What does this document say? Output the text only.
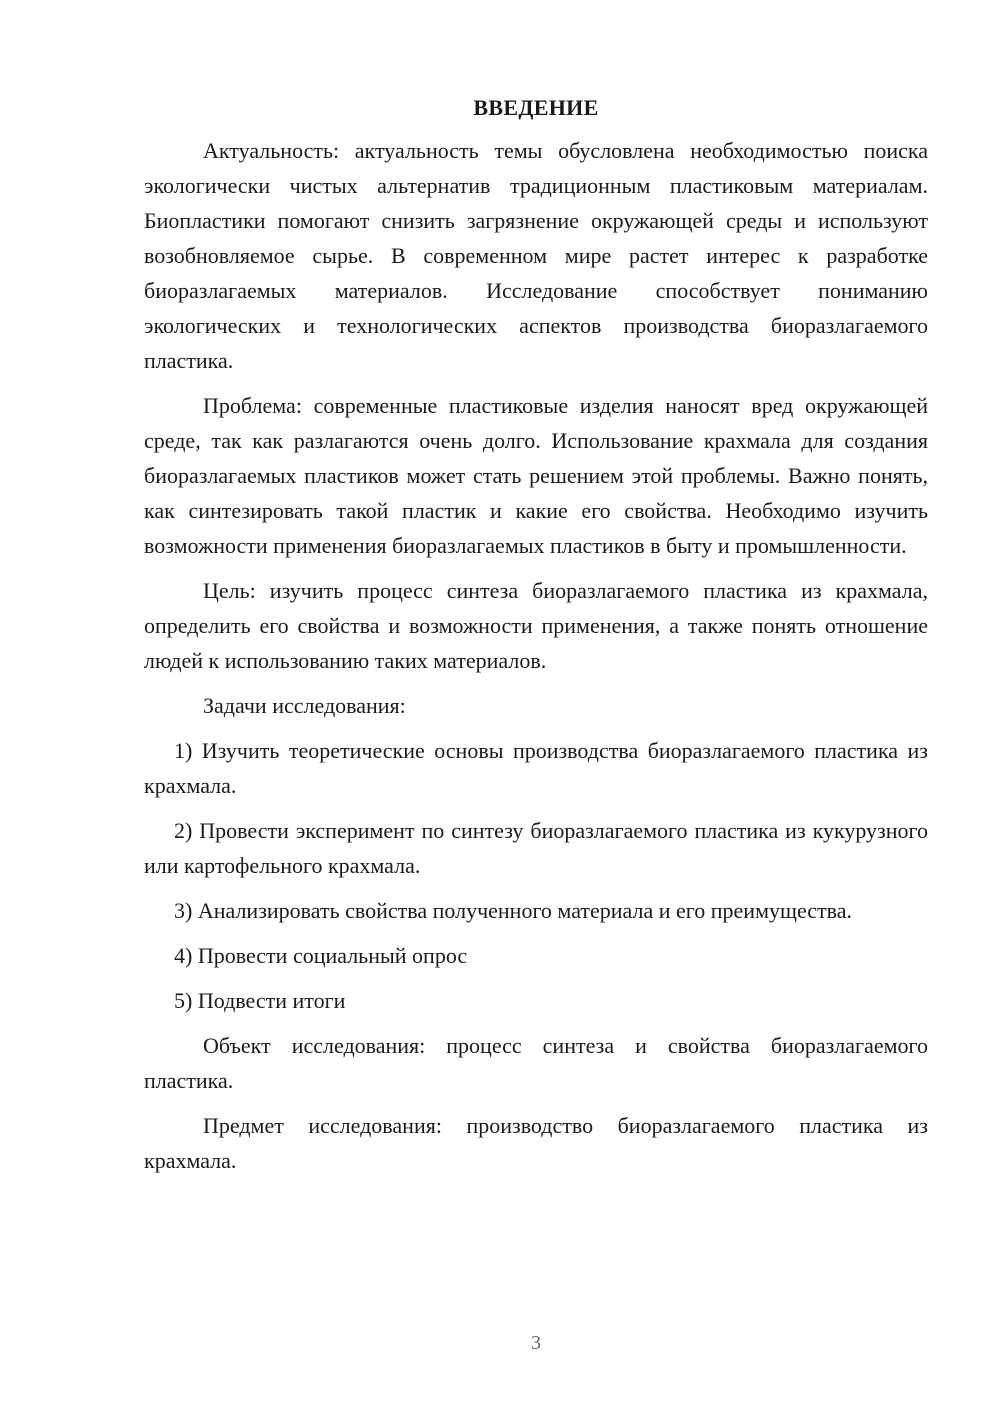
ВВЕДЕНИЕ

Актуальность: актуальность темы обусловлена необходимостью поиска экологически чистых альтернатив традиционным пластиковым материалам. Биопластики помогают снизить загрязнение окружающей среды и используют возобновляемое сырье. В современном мире растет интерес к разработке биоразлагаемых материалов. Исследование способствует пониманию экологических и технологических аспектов производства биоразлагаемого пластика.

Проблема: современные пластиковые изделия наносят вред окружающей среде, так как разлагаются очень долго. Использование крахмала для создания биоразлагаемых пластиков может стать решением этой проблемы. Важно понять, как синтезировать такой пластик и какие его свойства. Необходимо изучить возможности применения биоразлагаемых пластиков в быту и промышленности.

Цель: изучить процесс синтеза биоразлагаемого пластика из крахмала, определить его свойства и возможности применения, а также понять отношение людей к использованию таких материалов.

Задачи исследования:

1) Изучить теоретические основы производства биоразлагаемого пластика из крахмала.

2) Провести эксперимент по синтезу биоразлагаемого пластика из кукурузного или картофельного крахмала.

3) Анализировать свойства полученного материала и его преимущества.

4) Провести социальный опрос

5) Подвести итоги

Объект исследования: процесс синтеза и свойства биоразлагаемого пластика.

Предмет исследования: производство биоразлагаемого пластика из крахмала.

3
